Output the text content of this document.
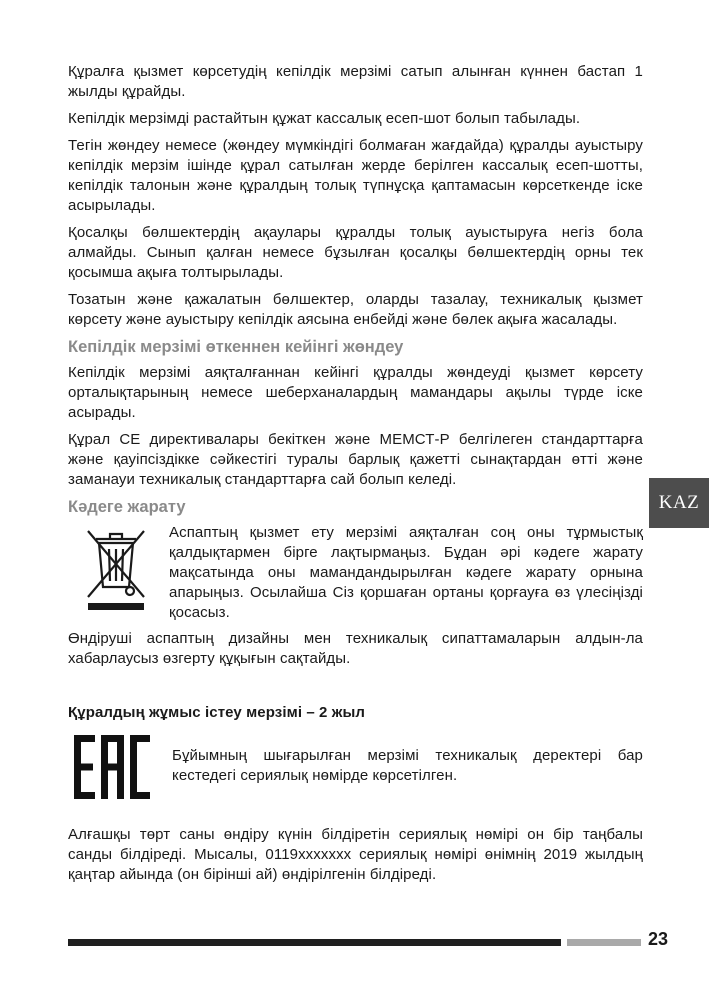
Құралға қызмет көрсетудің кепілдік мерзімі сатып алынған күннен бастап 1 жылды құрайды.

Кепілдік мерзімді растайтын құжат кассалық есеп-шот болып табылады.

Тегін жөндеу немесе (жөндеу мүмкіндігі болмаған жағдайда) құралды ауыстыру кепілдік мерзім ішінде құрал сатылған жерде берілген кассалық есеп-шотты, кепілдік талонын және құралдың толық түпнұсқа қаптамасын көрсеткенде іске асырылады.

Қосалқы бөлшектердің ақаулары құралды толық ауыстыруға негіз бола алмайды. Сынып қалған немесе бұзылған қосалқы бөлшектердің орны тек қосымша ақыға толтырылады.

Тозатын және қажалатын бөлшектер, оларды тазалау, техникалық қызмет көрсету және ауыстыру кепілдік аясына енбейді және бөлек ақыға жасалады.

Кепілдік мерзімі өткеннен кейінгі жөндеу

Кепілдік мерзімі аяқталғаннан кейінгі құралды жөндеуді қызмет көрсету орталықтарының немесе шеберханалардың мамандары ақылы түрде іске асырады.

Құрал CE директивалары бекіткен және МЕМСТ-Р белгілеген стандарттарға және қауіпсіздікке сәйкестігі туралы барлық қажетті сынақтардан өтті және заманауи техникалық стандарттарға сай болып келеді.

Кәдеге жарату

Аспаптың қызмет ету мерзімі аяқталған соң оны тұрмыстық қалдықтармен бірге лақтырмаңыз. Бұдан әрі кәдеге жарату мақсатында оны мамандандырылған кәдеге жарату орнына апарыңыз. Осылайша Сіз қоршаған ортаны қорғауға өз үлесіңізді қосасыз.

Өндіруші аспаптың дизайны мен техникалық сипаттамаларын алдын-ла хабарлаусыз өзгерту құқығын сақтайды.

Құралдың жұмыс істеу мерзімі – 2 жыл

Бұйымның шығарылған мерзімі техникалық деректері бар кестедегі сериялық нөмірде көрсетілген.

Алғашқы төрт саны өндіру күнін білдіретін сериялық нөмірі он бір таңбалы санды білдіреді. Мысалы, 0119xxxxxxx сериялық нөмірі өнімнің 2019 жылдың қаңтар айында (он бірінші ай) өндірілгенін білдіреді.

KAZ
23
